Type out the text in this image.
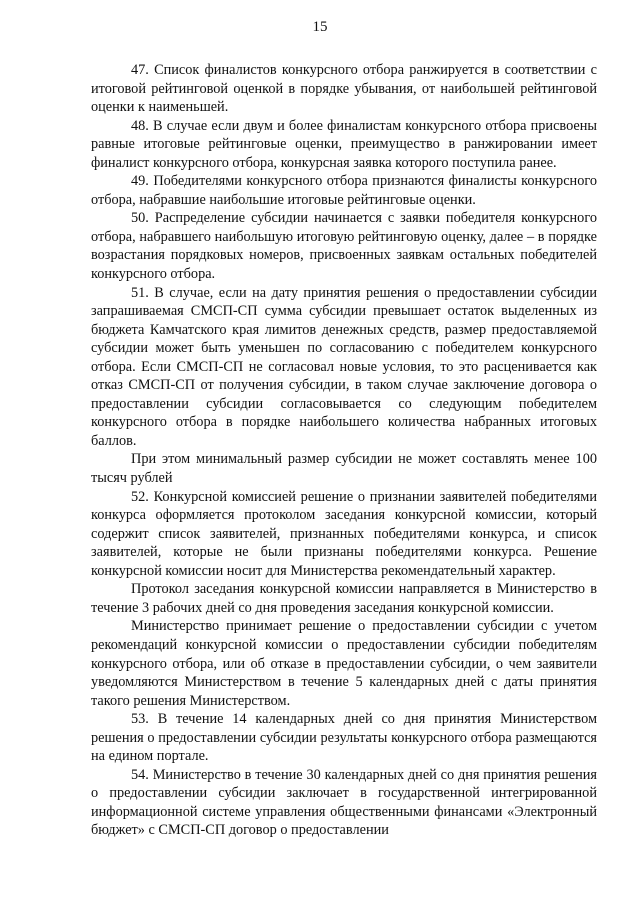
15

47. Список финалистов конкурсного отбора ранжируется в соответствии с итоговой рейтинговой оценкой в порядке убывания, от наибольшей рейтинговой оценки к наименьшей.

48. В случае если двум и более финалистам конкурсного отбора присвоены равные итоговые рейтинговые оценки, преимущество в ранжировании имеет финалист конкурсного отбора, конкурсная заявка которого поступила ранее.

49. Победителями конкурсного отбора признаются финалисты конкурсного отбора, набравшие наибольшие итоговые рейтинговые оценки.

50. Распределение субсидии начинается с заявки победителя конкурсного отбора, набравшего наибольшую итоговую рейтинговую оценку, далее – в порядке возрастания порядковых номеров, присвоенных заявкам остальных победителей конкурсного отбора.

51. В случае, если на дату принятия решения о предоставлении субсидии запрашиваемая СМСП-СП сумма субсидии превышает остаток выделенных из бюджета Камчатского края лимитов денежных средств, размер предоставляемой субсидии может быть уменьшен по согласованию с победителем конкурсного отбора. Если СМСП-СП не согласовал новые условия, то это расценивается как отказ СМСП-СП от получения субсидии, в таком случае заключение договора о предоставлении субсидии согласовывается со следующим победителем конкурсного отбора в порядке наибольшего количества набранных итоговых баллов.

При этом минимальный размер субсидии не может составлять менее 100 тысяч рублей

52. Конкурсной комиссией решение о признании заявителей победителями конкурса оформляется протоколом заседания конкурсной комиссии, который содержит список заявителей, признанных победителями конкурса, и список заявителей, которые не были признаны победителями конкурса. Решение конкурсной комиссии носит для Министерства рекомендательный характер.

Протокол заседания конкурсной комиссии направляется в Министерство в течение 3 рабочих дней со дня проведения заседания конкурсной комиссии.

Министерство принимает решение о предоставлении субсидии с учетом рекомендаций конкурсной комиссии о предоставлении субсидии победителям конкурсного отбора, или об отказе в предоставлении субсидии, о чем заявители уведомляются Министерством в течение 5 календарных дней с даты принятия такого решения Министерством.

53. В течение 14 календарных дней со дня принятия Министерством решения о предоставлении субсидии результаты конкурсного отбора размещаются на едином портале.

54. Министерство в течение 30 календарных дней со дня принятия решения о предоставлении субсидии заключает в государственной интегрированной информационной системе управления общественными финансами «Электронный бюджет» с СМСП-СП договор о предоставлении
